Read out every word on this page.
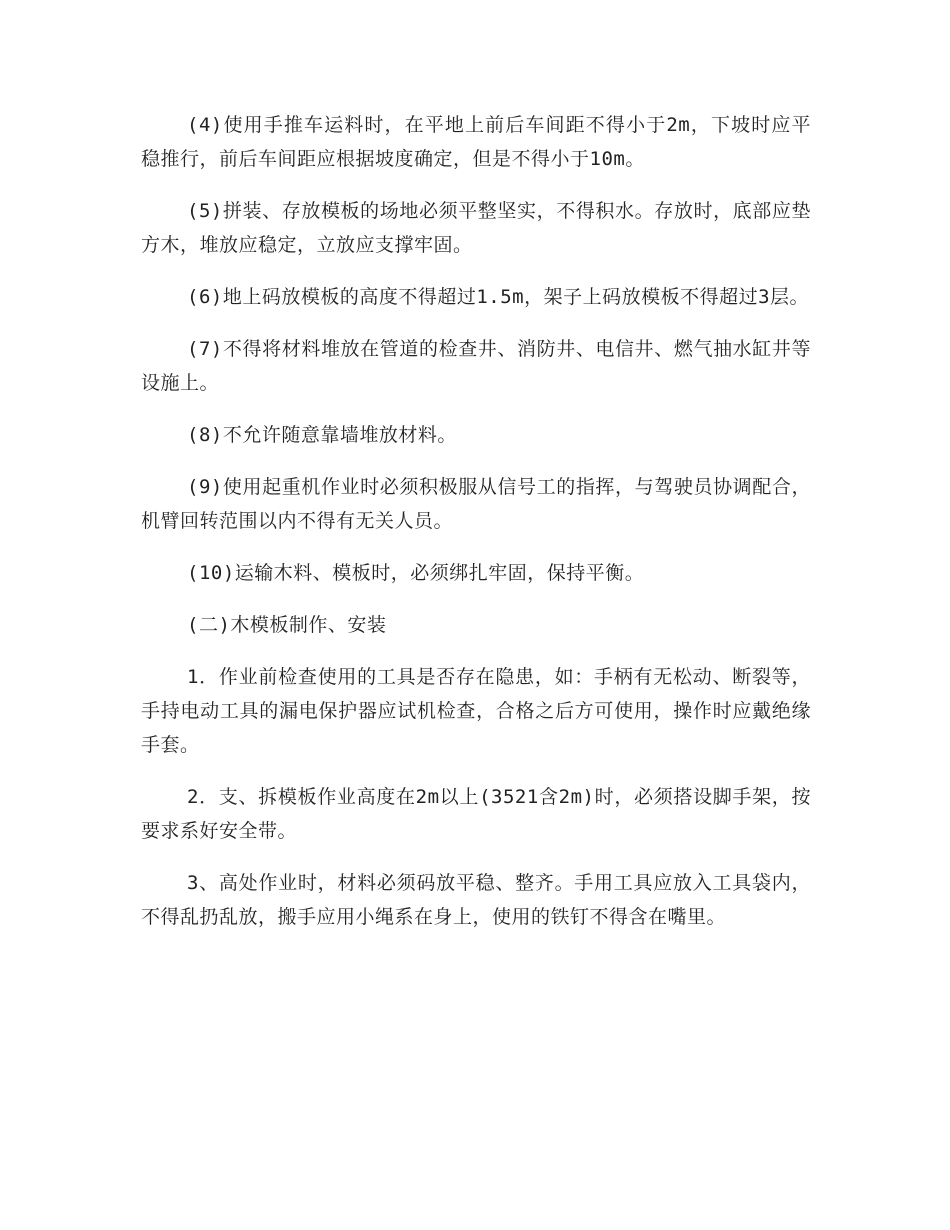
(4)使用手推车运料时，在平地上前后车间距不得小于2m，下坡时应平稳推行，前后车间距应根据坡度确定，但是不得小于10m。

(5)拼装、存放模板的场地必须平整坚实，不得积水。存放时，底部应垫方木，堆放应稳定，立放应支撑牢固。

(6)地上码放模板的高度不得超过1.5m，架子上码放模板不得超过3层。

(7)不得将材料堆放在管道的检查井、消防井、电信井、燃气抽水缸井等设施上。

(8)不允许随意靠墙堆放材料。

(9)使用起重机作业时必须积极服从信号工的指挥，与驾驶员协调配合，机臂回转范围以内不得有无关人员。

(10)运输木料、模板时，必须绑扎牢固，保持平衡。

(二)木模板制作、安装

1．作业前检查使用的工具是否存在隐患，如：手柄有无松动、断裂等，手持电动工具的漏电保护器应试机检查，合格之后方可使用，操作时应戴绝缘手套。

2．支、拆模板作业高度在2m以上(3521含2m)时，必须搭设脚手架，按要求系好安全带。

3、高处作业时，材料必须码放平稳、整齐。手用工具应放入工具袋内，不得乱扔乱放，搬手应用小绳系在身上，使用的铁钉不得含在嘴里。
